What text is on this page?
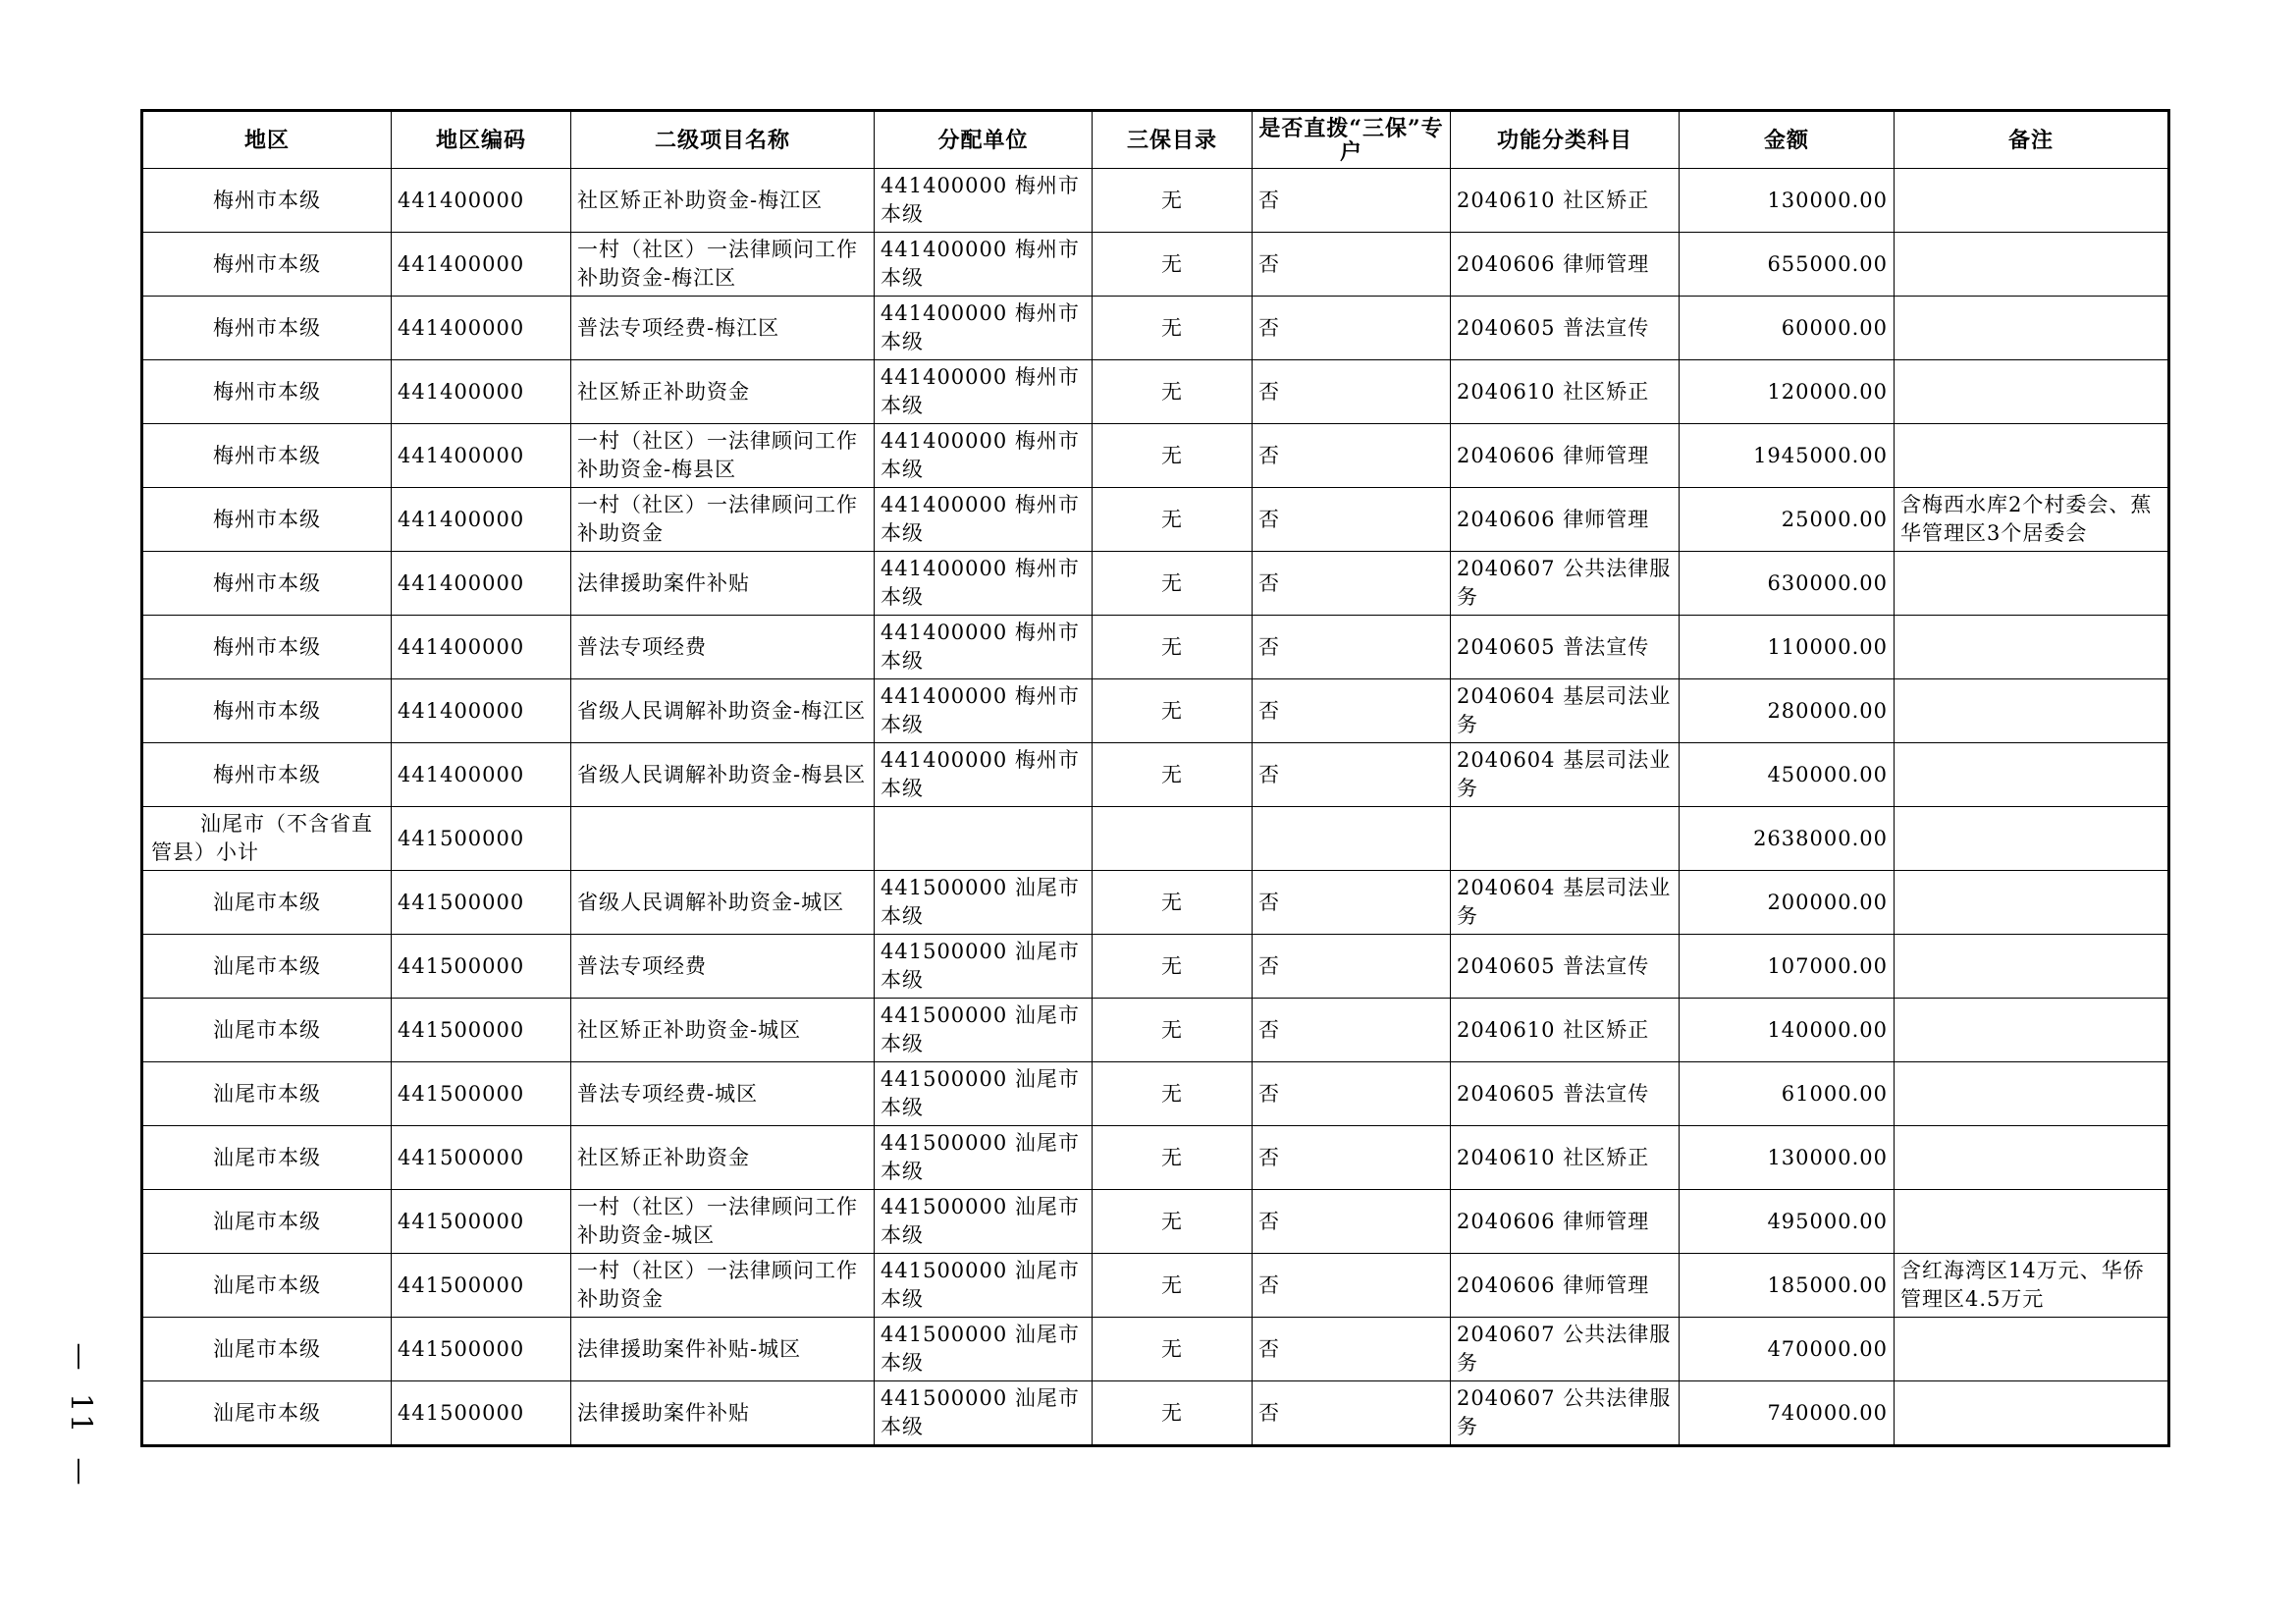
地区	地区编码	二级项目名称	分配单位	三保目录	是否直拨“三保”专户	功能分类科目	金额	备注
梅州市本级	441400000	社区矫正补助资金-梅江区	441400000 梅州市本级	无	否	2040610 社区矫正	130000.00	
梅州市本级	441400000	一村（社区）一法律顾问工作补助资金-梅江区	441400000 梅州市本级	无	否	2040606 律师管理	655000.00	
梅州市本级	441400000	普法专项经费-梅江区	441400000 梅州市本级	无	否	2040605 普法宣传	60000.00	
梅州市本级	441400000	社区矫正补助资金	441400000 梅州市本级	无	否	2040610 社区矫正	120000.00	
梅州市本级	441400000	一村（社区）一法律顾问工作补助资金-梅县区	441400000 梅州市本级	无	否	2040606 律师管理	1945000.00	
梅州市本级	441400000	一村（社区）一法律顾问工作补助资金	441400000 梅州市本级	无	否	2040606 律师管理	25000.00	含梅西水库2个村委会、蕉华管理区3个居委会
梅州市本级	441400000	法律援助案件补贴	441400000 梅州市本级	无	否	2040607 公共法律服务	630000.00	
梅州市本级	441400000	普法专项经费	441400000 梅州市本级	无	否	2040605 普法宣传	110000.00	
梅州市本级	441400000	省级人民调解补助资金-梅江区	441400000 梅州市本级	无	否	2040604 基层司法业务	280000.00	
梅州市本级	441400000	省级人民调解补助资金-梅县区	441400000 梅州市本级	无	否	2040604 基层司法业务	450000.00	
汕尾市（不含省直管县）小计	441500000						2638000.00	
汕尾市本级	441500000	省级人民调解补助资金-城区	441500000 汕尾市本级	无	否	2040604 基层司法业务	200000.00	
汕尾市本级	441500000	普法专项经费	441500000 汕尾市本级	无	否	2040605 普法宣传	107000.00	
汕尾市本级	441500000	社区矫正补助资金-城区	441500000 汕尾市本级	无	否	2040610 社区矫正	140000.00	
汕尾市本级	441500000	普法专项经费-城区	441500000 汕尾市本级	无	否	2040605 普法宣传	61000.00	
汕尾市本级	441500000	社区矫正补助资金	441500000 汕尾市本级	无	否	2040610 社区矫正	130000.00	
汕尾市本级	441500000	一村（社区）一法律顾问工作补助资金-城区	441500000 汕尾市本级	无	否	2040606 律师管理	495000.00	
汕尾市本级	441500000	一村（社区）一法律顾问工作补助资金	441500000 汕尾市本级	无	否	2040606 律师管理	185000.00	含红海湾区14万元、华侨管理区4.5万元
汕尾市本级	441500000	法律援助案件补贴-城区	441500000 汕尾市本级	无	否	2040607 公共法律服务	470000.00	
汕尾市本级	441500000	法律援助案件补贴	441500000 汕尾市本级	无	否	2040607 公共法律服务	740000.00	
—
11
—
